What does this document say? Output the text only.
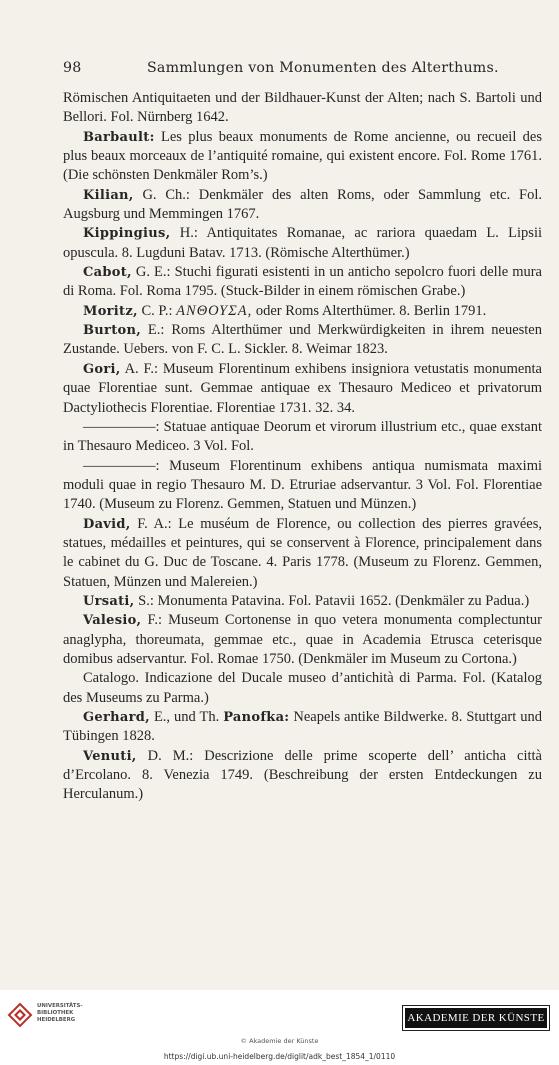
98	Sammlungen von Monumenten des Alterthums.

Römischen Antiquitaeten und der Bildhauer-Kunst der Alten; nach S. Bartoli und Bellori. Fol. Nürnberg 1642.

Barbault: Les plus beaux monuments de Rome ancienne, ou recueil des plus beaux morceaux de l’antiquité romaine, qui existent encore. Fol. Rome 1761. (Die schönsten Denkmäler Rom’s.)

Kilian, G. Ch.: Denkmäler des alten Roms, oder Sammlung etc. Fol. Augsburg und Memmingen 1767.

Kippingius, H.: Antiquitates Romanae, ac rariora quaedam L. Lipsii opuscula. 8. Lugduni Batav. 1713. (Römische Alterthümer.)

Cabot, G. E.: Stuchi figurati esistenti in un anticho sepolcro fuori delle mura di Roma. Fol. Roma 1795. (Stuck-Bilder in einem römischen Grabe.)

Moritz, C. P.: ΑΝΘΟΥΣΑ, oder Roms Alterthümer. 8. Berlin 1791.

Burton, E.: Roms Alterthümer und Merkwürdigkeiten in ihrem neuesten Zustande. Uebers. von F. C. L. Sickler. 8. Weimar 1823.

Gori, A. F.: Museum Florentinum exhibens insigniora vetustatis monumenta quae Florentiae sunt. Gemmae antiquae ex Thesauro Mediceo et privatorum Dactyliothecis Florentiae. Florentiae 1731. 32. 34.

—————: Statuae antiquae Deorum et virorum illustrium etc., quae exstant in Thesauro Mediceo. 3 Vol. Fol.

—————: Museum Florentinum exhibens antiqua numismata maximi moduli quae in regio Thesauro M. D. Etruriae adservantur. 3 Vol. Fol. Florentiae 1740. (Museum zu Florenz. Gemmen, Statuen und Münzen.)

David, F. A.: Le muséum de Florence, ou collection des pierres gravées, statues, médailles et peintures, qui se conservent à Florence, principalement dans le cabinet du G. Duc de Toscane. 4. Paris 1778. (Museum zu Florenz. Gemmen, Statuen, Münzen und Malereien.)

Ursati, S.: Monumenta Patavina. Fol. Patavii 1652. (Denkmäler zu Padua.)

Valesio, F.: Museum Cortonense in quo vetera monumenta complectuntur anaglypha, thoreumata, gemmae etc., quae in Academia Etrusca ceterisque domibus adservantur. Fol. Romae 1750. (Denkmäler im Museum zu Cortona.)

Catalogo. Indicazione del Ducale museo d’antichità di Parma. Fol. (Katalog des Museums zu Parma.)

Gerhard, E., und Th. Panofka: Neapels antike Bildwerke. 8. Stuttgart und Tübingen 1828.

Venuti, D. M.: Descrizione delle prime scoperte dell’ anticha città d’Ercolano. 8. Venezia 1749. (Beschreibung der ersten Entdeckungen zu Herculanum.)

UNIVERSITÄTS-
BIBLIOTHEK
HEIDELBERG	AKADEMIE DER KÜNSTE
© Akademie der Künste
https://digi.ub.uni-heidelberg.de/diglit/adk_best_1854_1/0110
